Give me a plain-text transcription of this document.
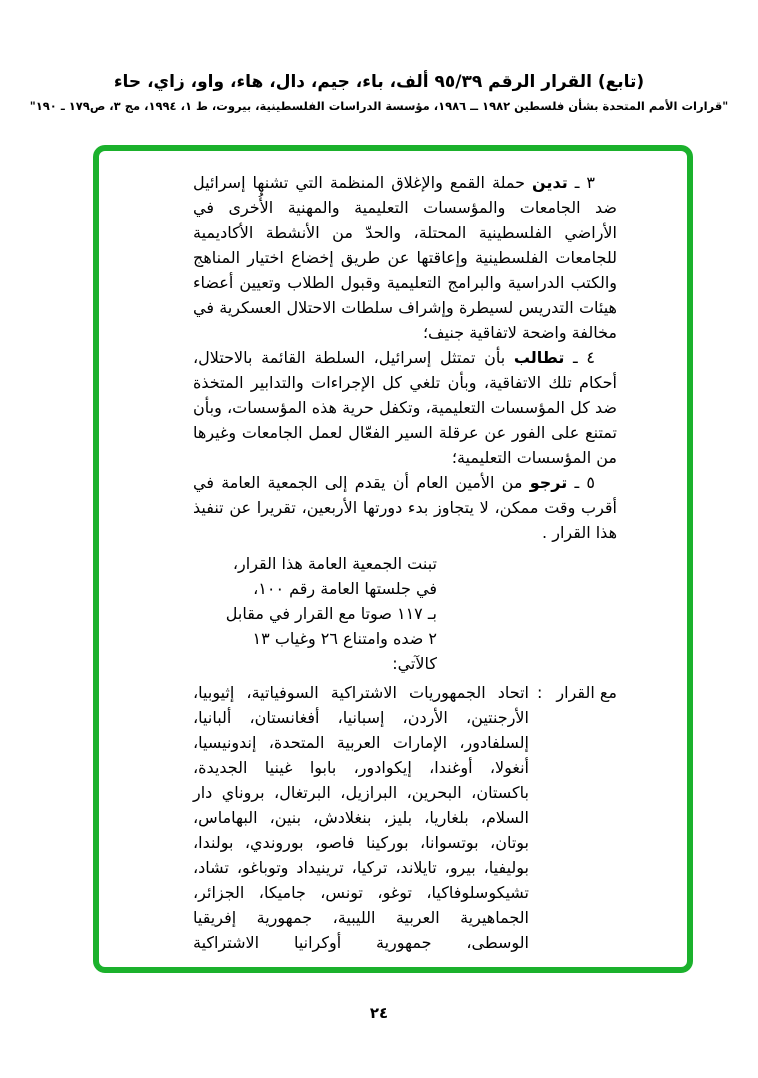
(تابع) القرار الرقم ٩٥/٣٩ ألف، باء، جيم، دال، هاء، واو، زاي، حاء
"قرارات الأمم المتحدة بشأن فلسطين ١٩٨٢ ــ ١٩٨٦، مؤسسة الدراسات الفلسطينية، بيروت، ط ١، ١٩٩٤، مج ٣، ص١٧٩ ـ ١٩٠"

٣ ـ تدين حملة القمع والإغلاق المنظمة التي تشنها إسرائيل ضد الجامعات والمؤسسات التعليمية والمهنية الأُخرى في الأراضي الفلسطينية المحتلة، والحدّ من الأنشطة الأكاديمية للجامعات الفلسطينية وإعاقتها عن طريق إخضاع اختيار المناهج والكتب الدراسية والبرامج التعليمية وقبول الطلاب وتعيين أعضاء هيئات التدريس لسيطرة وإشراف سلطات الاحتلال العسكرية في مخالفة واضحة لاتفاقية جنيف؛

٤ ـ تطالب بأن تمتثل إسرائيل، السلطة القائمة بالاحتلال، أحكام تلك الاتفاقية، وبأن تلغي كل الإجراءات والتدابير المتخذة ضد كل المؤسسات التعليمية، وتكفل حرية هذه المؤسسات، وبأن تمتنع على الفور عن عرقلة السير الفعّال لعمل الجامعات وغيرها من المؤسسات التعليمية؛

٥ ـ ترجو من الأمين العام أن يقدم إلى الجمعية العامة في أقرب وقت ممكن، لا يتجاوز بدء دورتها الأربعين، تقريرا عن تنفيذ هذا القرار .

تبنت الجمعية العامة هذا القرار،
في جلستها العامة رقم ١٠٠،
بـ ١١٧ صوتا مع القرار في مقابل
٢ ضده وامتناع ٢٦ وغياب ١٣
كالآتي:

مع القرار
:
اتحاد الجمهوريات الاشتراكية السوفياتية، إثيوبيا، الأرجنتين، الأردن، إسبانيا، أفغانستان، ألبانيا، إلسلفادور، الإمارات العربية المتحدة، إندونيسيا، أنغولا، أوغندا، إيكوادور، بابوا غينيا الجديدة، باكستان، البحرين، البرازيل، البرتغال، بروناي دار السلام، بلغاريا، بليز، بنغلادش، بنين، البهاماس، بوتان، بوتسوانا، بوركينا فاصو، بوروندي، بولندا، بوليفيا، بيرو، تايلاند، تركيا، ترينيداد وتوباغو، تشاد، تشيكوسلوفاكيا، توغو، تونس، جاميكا، الجزائر، الجماهيرية العربية الليبية، جمهورية إفريقيا الوسطى، جمهورية أوكرانيا الاشتراكية

٢٤
